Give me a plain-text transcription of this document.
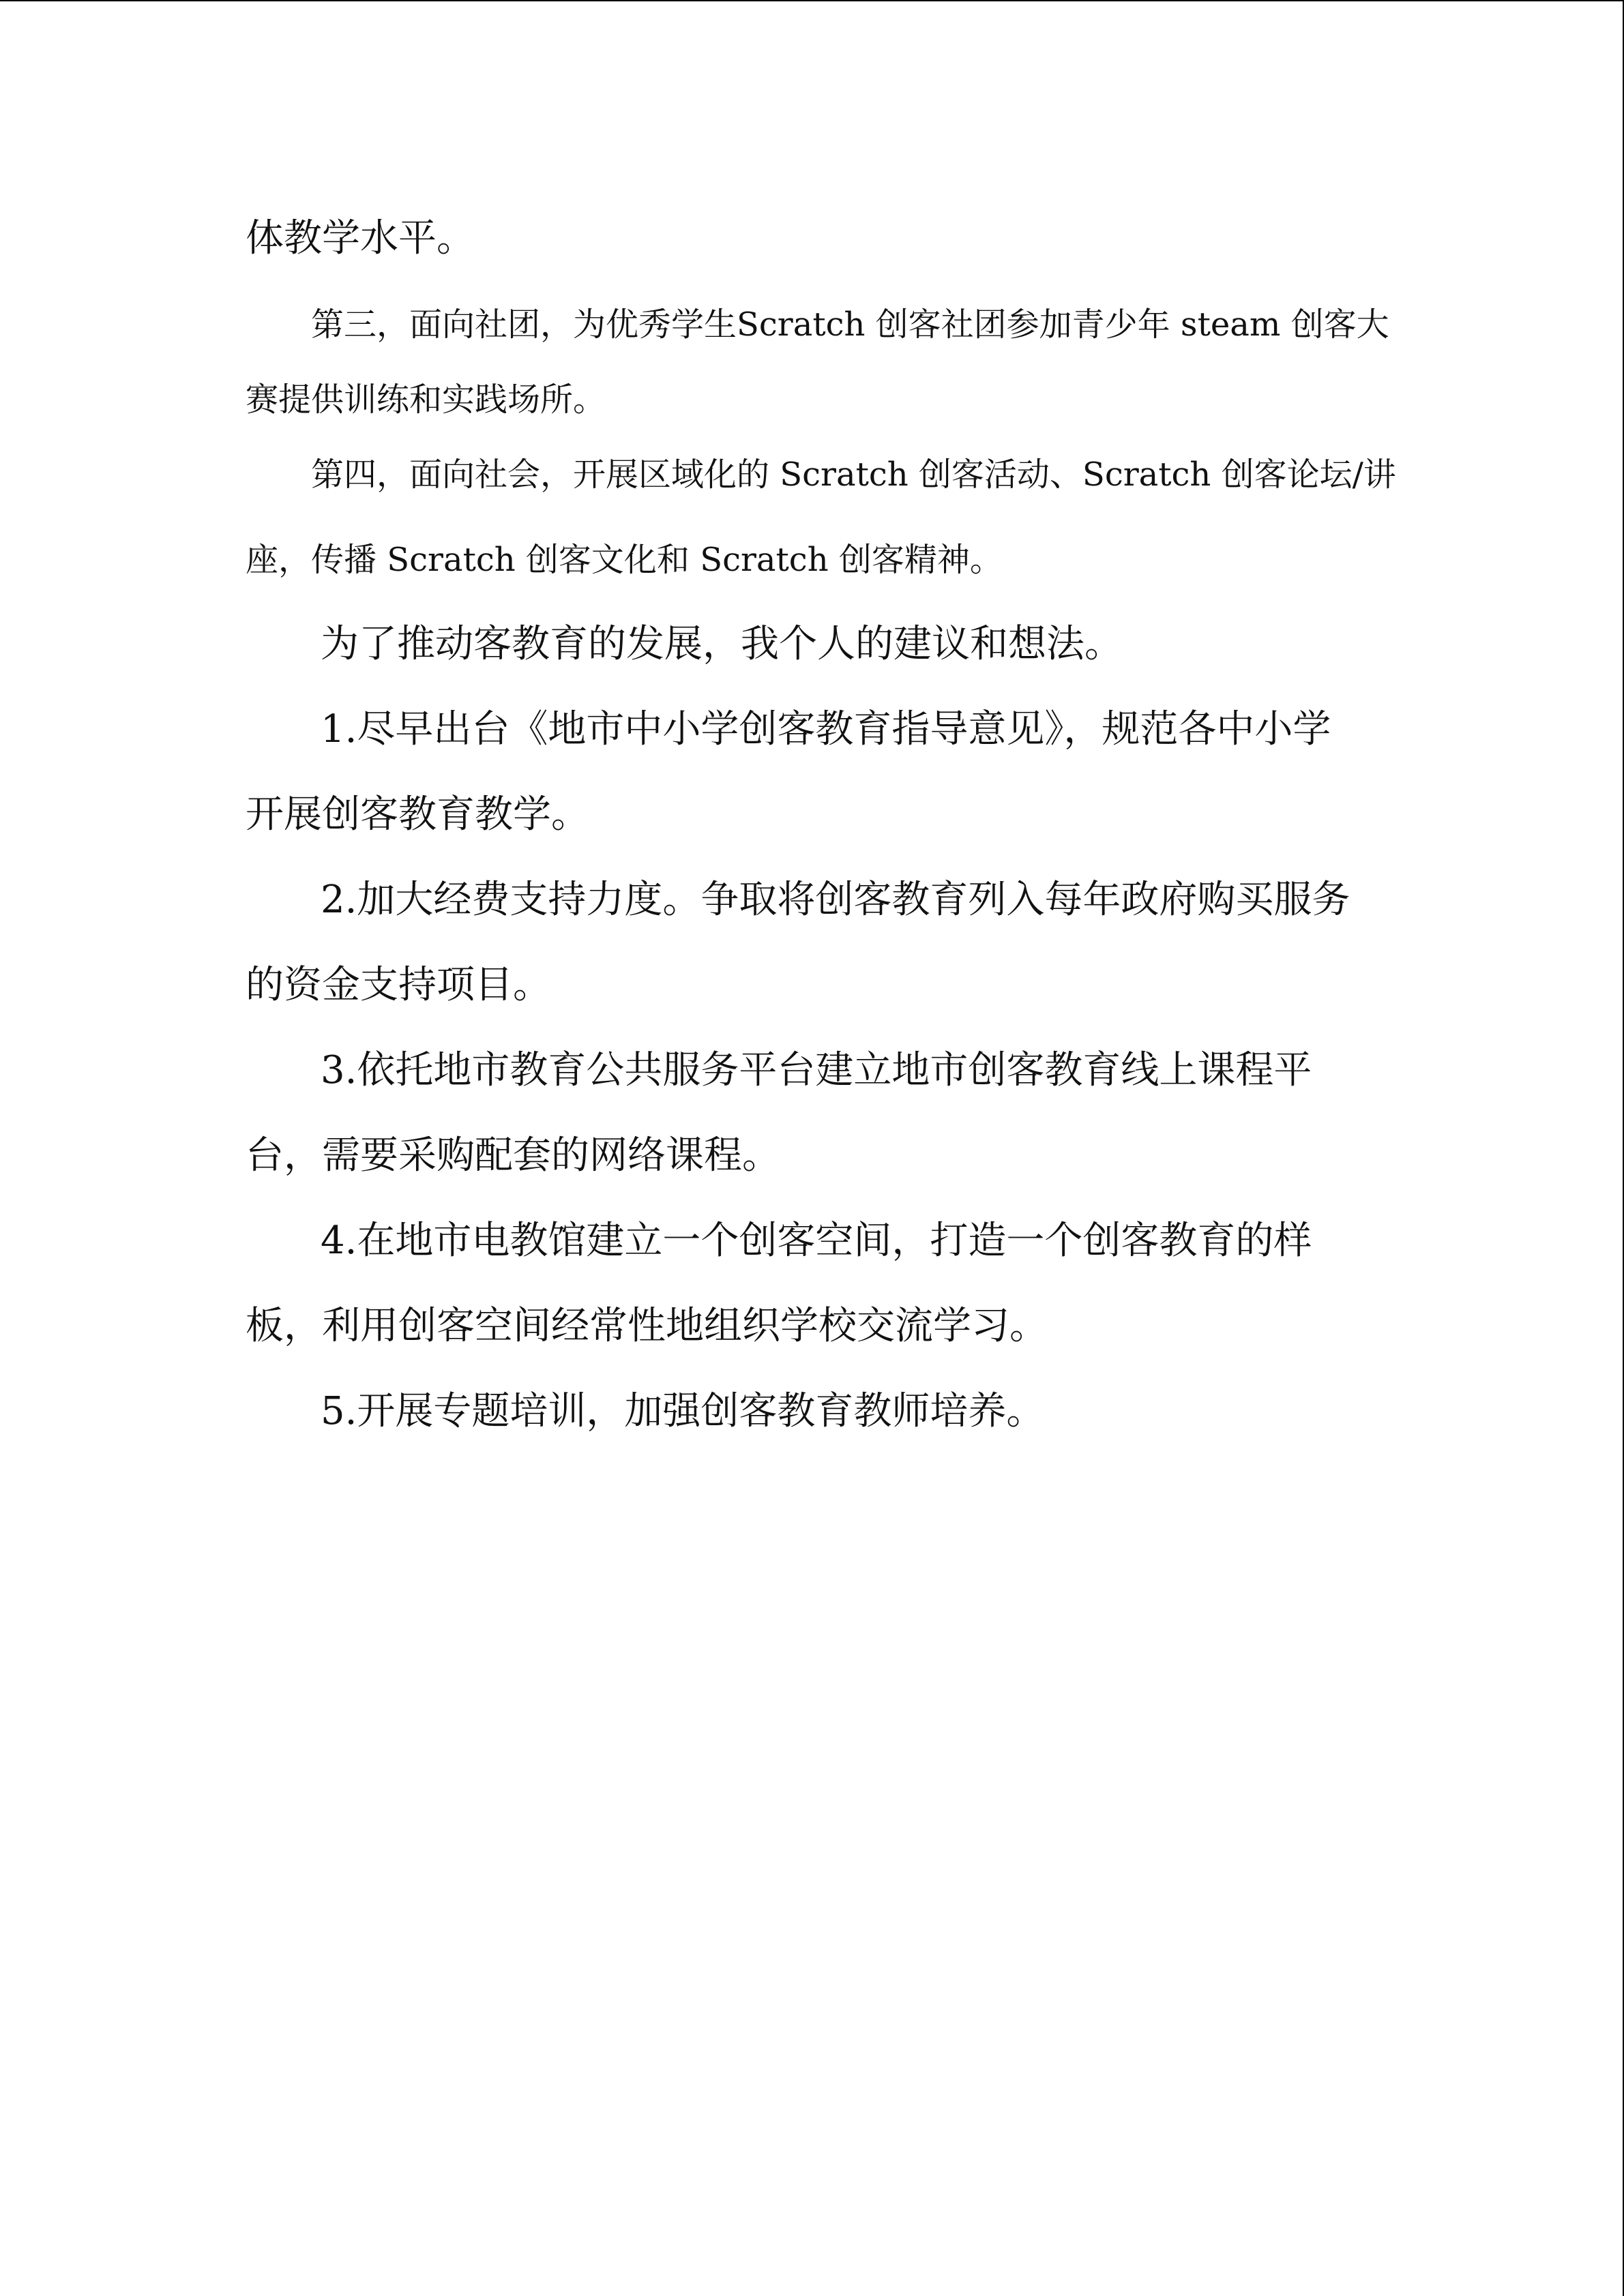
体教学水平。
第三，面向社团，为优秀学生Scratch 创客社团参加青少年 steam 创客大
赛提供训练和实践场所。
第四，面向社会，开展区域化的 Scratch 创客活动、Scratch 创客论坛/讲
座，传播 Scratch 创客文化和 Scratch 创客精神。
为了推动客教育的发展，我个人的建议和想法。
1.尽早出台《地市中小学创客教育指导意见》，规范各中小学
开展创客教育教学。
2.加大经费支持力度。争取将创客教育列入每年政府购买服务
的资金支持项目。
3.依托地市教育公共服务平台建立地市创客教育线上课程平
台，需要采购配套的网络课程。
4.在地市电教馆建立一个创客空间，打造一个创客教育的样
板，利用创客空间经常性地组织学校交流学习。
5.开展专题培训，加强创客教育教师培养。
